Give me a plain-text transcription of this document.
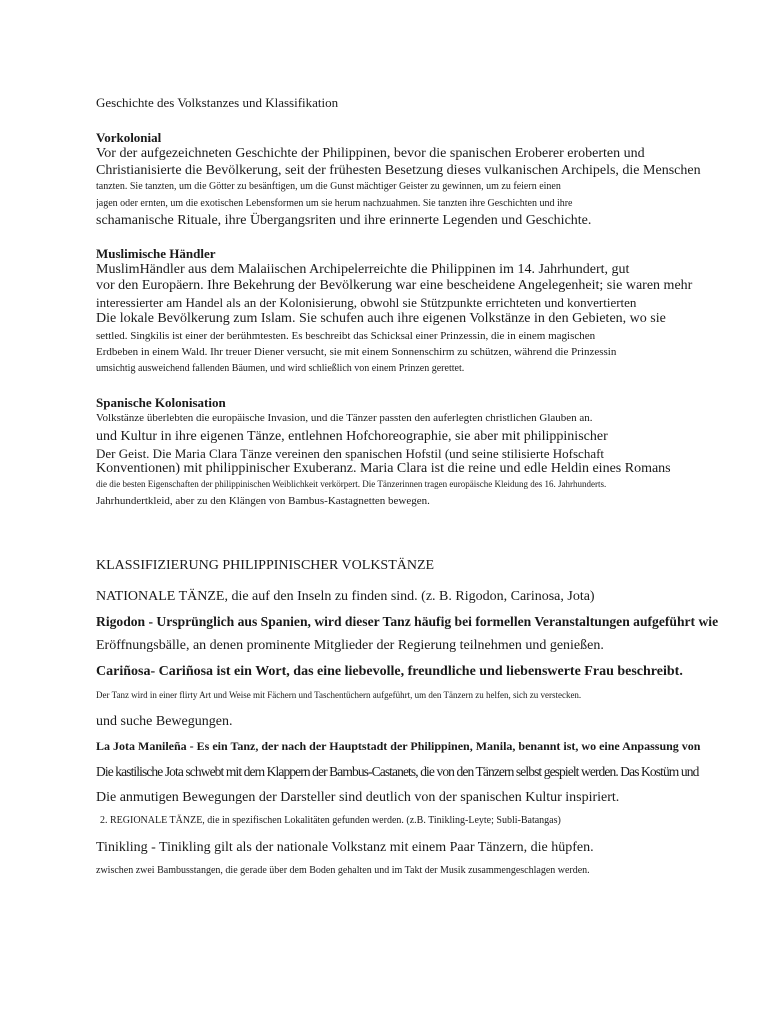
Geschichte des Volkstanzes und Klassifikation
Vorkolonial
Vor der aufgezeichneten Geschichte der Philippinen, bevor die spanischen Eroberer eroberten und
Christianisierte die Bevölkerung, seit der frühesten Besetzung dieses vulkanischen Archipels, die Menschen
tanzten. Sie tanzten, um die Götter zu besänftigen, um die Gunst mächtiger Geister zu gewinnen, um zu feiern einen
jagen oder ernten, um die exotischen Lebensformen um sie herum nachzuahmen. Sie tanzten ihre Geschichten und ihre
schamanische Rituale, ihre Übergangsriten und ihre erinnerte Legenden und Geschichte.
Muslimische Händler
MuslimHändler aus dem Malaiischen Archipelerreichte die Philippinen im 14. Jahrhundert, gut
vor den Europäern. Ihre Bekehrung der Bevölkerung war eine bescheidene Angelegenheit; sie waren mehr
interessierter am Handel als an der Kolonisierung, obwohl sie Stützpunkte errichteten und konvertierten
Die lokale Bevölkerung zum Islam. Sie schufen auch ihre eigenen Volkstänze in den Gebieten, wo sie
settled. Singkilis ist einer der berühmtesten. Es beschreibt das Schicksal einer Prinzessin, die in einem magischen
Erdbeben in einem Wald. Ihr treuer Diener versucht, sie mit einem Sonnenschirm zu schützen, während die Prinzessin
umsichtig ausweichend fallenden Bäumen, und wird schließlich von einem Prinzen gerettet.
Spanische Kolonisation
Volkstänze überlebten die europäische Invasion, und die Tänzer passten den auferlegten christlichen Glauben an.
und Kultur in ihre eigenen Tänze, entlehnen Hofchoreographie, sie aber mit philippinischer
Der Geist. Die Maria Clara Tänze vereinen den spanischen Hofstil (und seine stilisierte Hofschaft
Konventionen) mit philippinischer Exuberanz. Maria Clara ist die reine und edle Heldin eines Romans
die die besten Eigenschaften der philippinischen Weiblichkeit verkörpert. Die Tänzerinnen tragen europäische Kleidung des 16. Jahrhunderts.
Jahrhundertkleid, aber zu den Klängen von Bambus-Kastagnetten bewegen.
KLASSIFIZIERUNG PHILIPPINISCHER VOLKSTÄNZE
NATIONALE TÄNZE, die auf den Inseln zu finden sind. (z. B. Rigodon, Carinosa, Jota)
Rigodon - Ursprünglich aus Spanien, wird dieser Tanz häufig bei formellen Veranstaltungen aufgeführt wie
Eröffnungsbälle, an denen prominente Mitglieder der Regierung teilnehmen und genießen.
Cariñosa- Cariñosa ist ein Wort, das eine liebevolle, freundliche und liebenswerte Frau beschreibt.
Der Tanz wird in einer flirty Art und Weise mit Fächern und Taschentüchern aufgeführt, um den Tänzern zu helfen, sich zu verstecken.
und suche Bewegungen.
La Jota Manileña - Es ein Tanz, der nach der Hauptstadt der Philippinen, Manila, benannt ist, wo eine Anpassung von
Die kastilische Jota schwebt mit dem Klappern der Bambus-Castanets, die von den Tänzern selbst gespielt werden. Das Kostüm und
Die anmutigen Bewegungen der Darsteller sind deutlich von der spanischen Kultur inspiriert.
2. REGIONALE TÄNZE, die in spezifischen Lokalitäten gefunden werden. (z.B. Tinikling-Leyte; Subli-Batangas)
Tinikling - Tinikling gilt als der nationale Volkstanz mit einem Paar Tänzern, die hüpfen.
zwischen zwei Bambusstangen, die gerade über dem Boden gehalten und im Takt der Musik zusammengeschlagen werden.
